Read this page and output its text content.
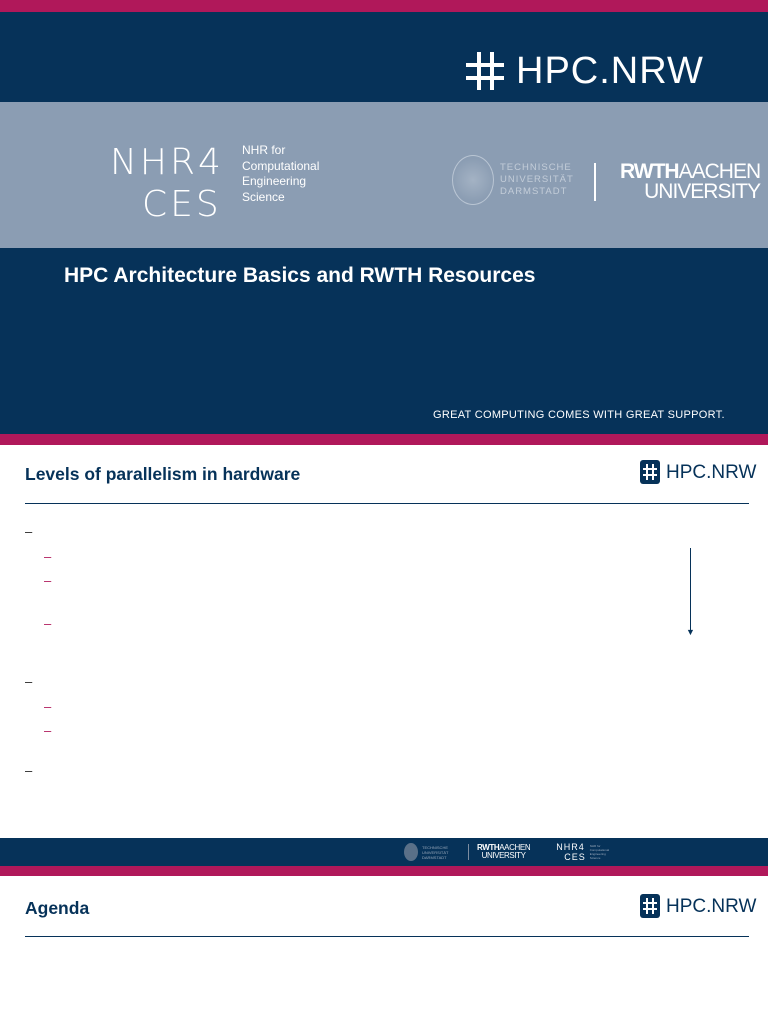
HPC.NRW
NHR4
CES
NHR for
Computational
Engineering
Science
TECHNISCHE
UNIVERSITÄT
DARMSTADT
RWTHAACHEN
UNIVERSITY
HPC Architecture Basics and RWTH Resources
GREAT COMPUTING COMES WITH GREAT SUPPORT.
Levels of parallelism in hardware	HPC.NRW
–
–
–
–
–
–
–
–
▼
TECHNISCHE
UNIVERSITÄT
DARMSTADT
RWTHAACHEN
UNIVERSITY
NHR4
CES
NHR for
Computational
Engineering
Science
Agenda	HPC.NRW
